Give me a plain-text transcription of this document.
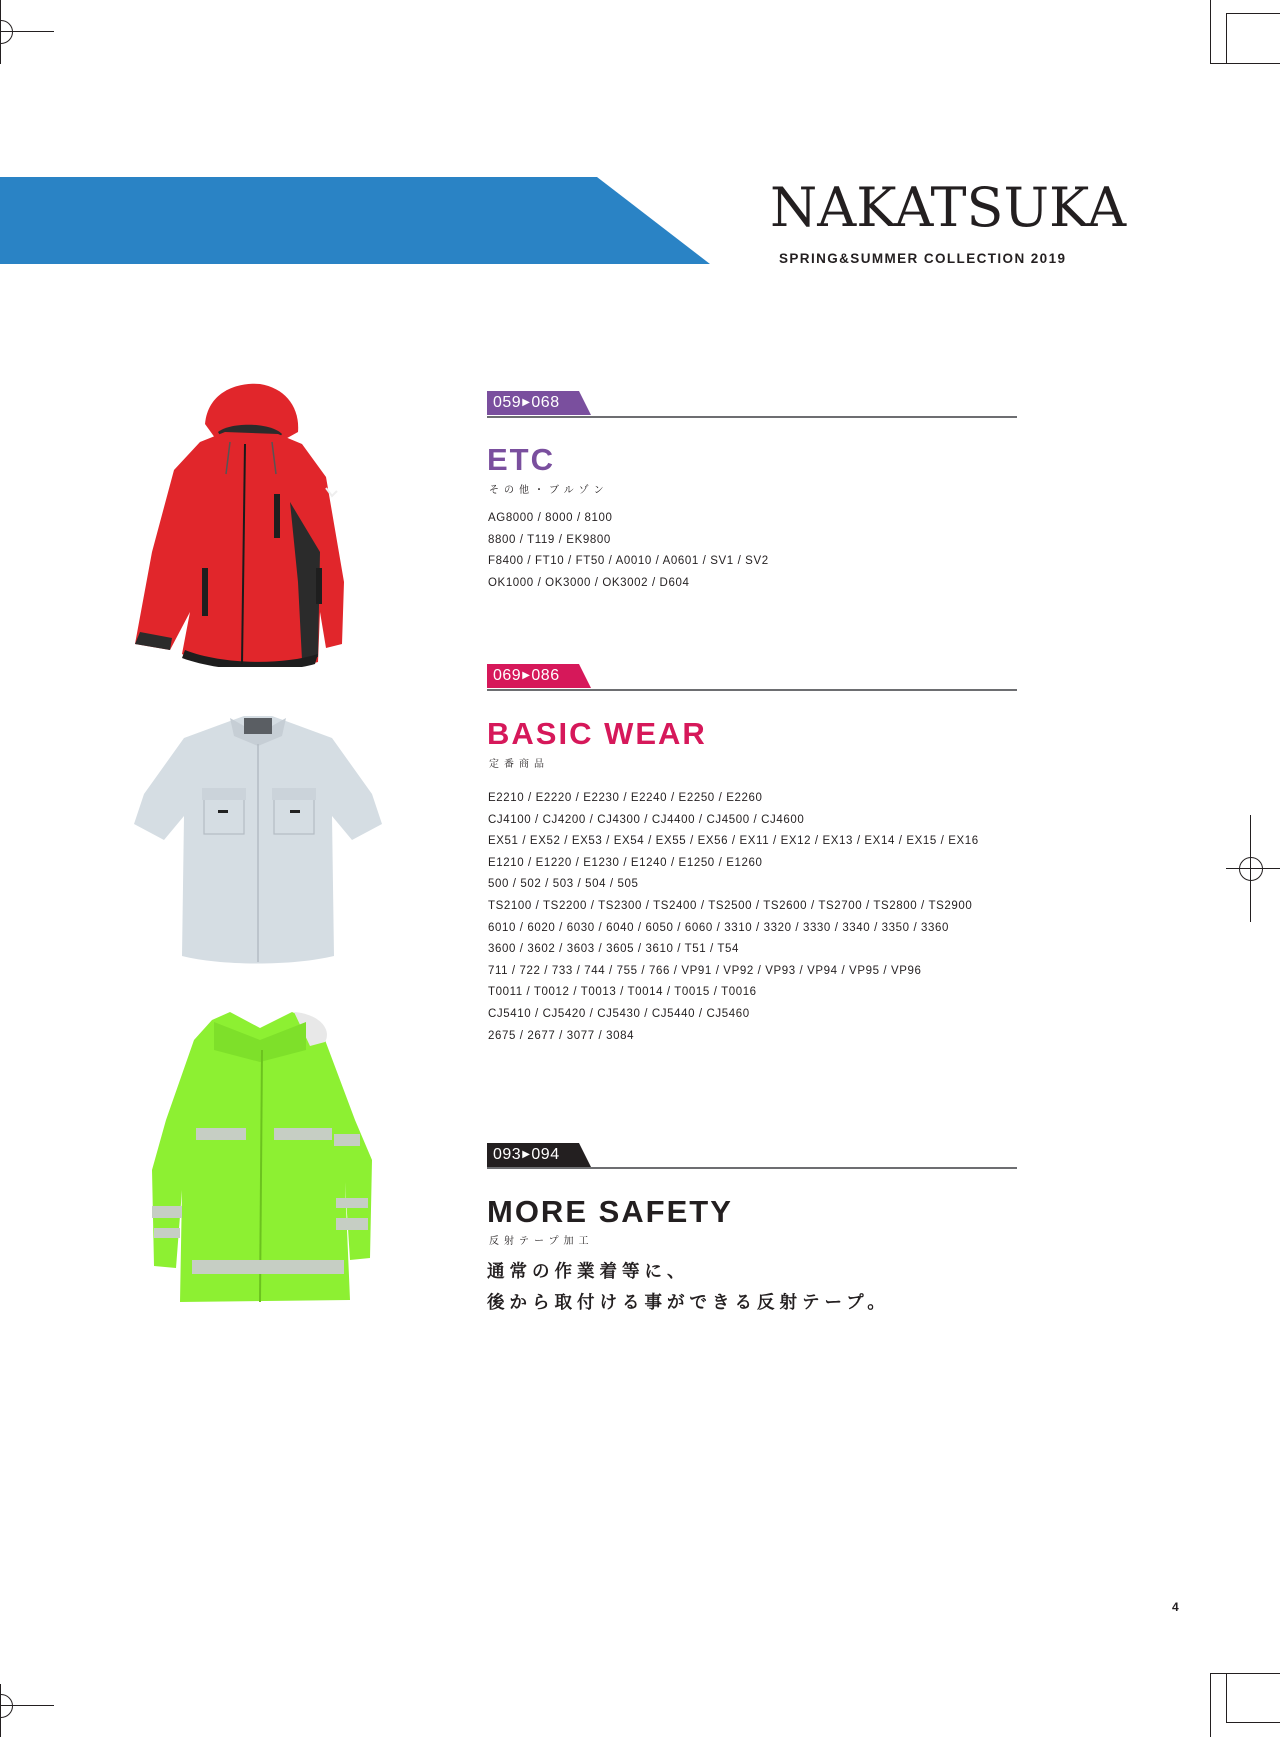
NAKATSUKA
SPRING&SUMMER COLLECTION 2019
059▶068
ETC
その他・ブルゾン
AG8000 / 8000 / 8100
8800 / T119 / EK9800
F8400 / FT10 / FT50 / A0010 / A0601 / SV1 / SV2
OK1000 / OK3000 / OK3002 / D604
069▶086
BASIC WEAR
定番商品
E2210 / E2220 / E2230 / E2240 / E2250 / E2260
CJ4100 / CJ4200 / CJ4300 / CJ4400 / CJ4500 / CJ4600
EX51 / EX52 / EX53 / EX54 / EX55 / EX56 / EX11 / EX12 / EX13 / EX14 / EX15 / EX16
E1210 / E1220 / E1230 / E1240 / E1250 / E1260
500 / 502 / 503 / 504 / 505
TS2100 / TS2200 / TS2300 / TS2400 / TS2500 / TS2600 / TS2700 / TS2800 / TS2900
6010 / 6020 / 6030 / 6040 / 6050 / 6060 / 3310 / 3320 / 3330 / 3340 / 3350 / 3360
3600 / 3602 / 3603 / 3605 / 3610 / T51 / T54
711 / 722 / 733 / 744 / 755 / 766 / VP91 / VP92 / VP93 / VP94 / VP95 / VP96
T0011 / T0012 / T0013 / T0014 / T0015 / T0016
CJ5410 / CJ5420 / CJ5430 / CJ5440 / CJ5460
2675 / 2677 / 3077 / 3084
093▶094
MORE SAFETY
反射テープ加工
通常の作業着等に、
後から取付ける事ができる反射テープ。
4
